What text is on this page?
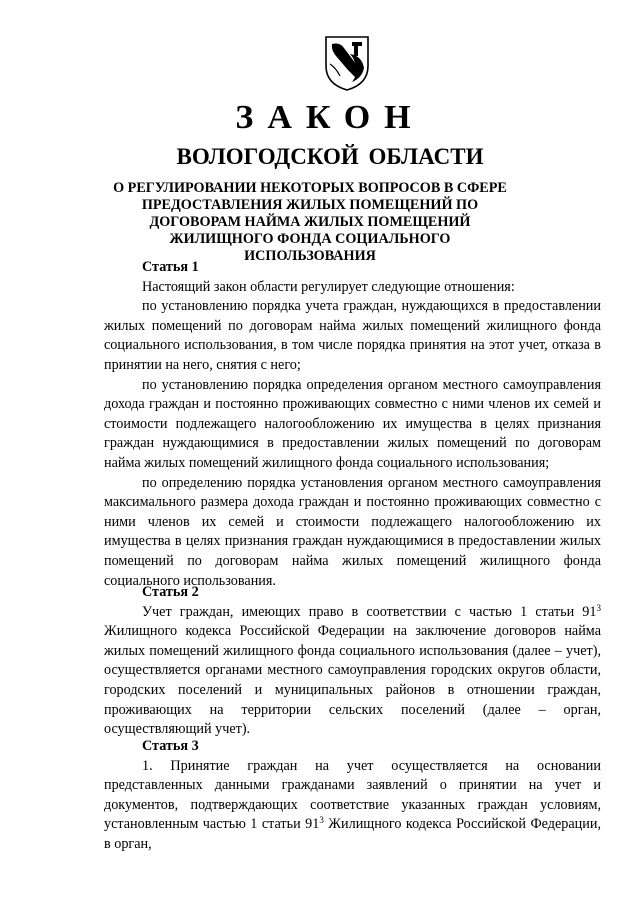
ЗАКОН
ВОЛОГОДСКОЙ ОБЛАСТИ
О РЕГУЛИРОВАНИИ НЕКОТОРЫХ ВОПРОСОВ В СФЕРЕ ПРЕДОСТАВЛЕНИЯ ЖИЛЫХ ПОМЕЩЕНИЙ ПО ДОГОВОРАМ НАЙМА ЖИЛЫХ ПОМЕЩЕНИЙ ЖИЛИЩНОГО ФОНДА СОЦИАЛЬНОГО ИСПОЛЬЗОВАНИЯ
Статья 1

Настоящий закон области регулирует следующие отношения:

по установлению порядка учета граждан, нуждающихся в предоставлении жилых помещений по договорам найма жилых помещений жилищного фонда социального использования, в том числе порядка принятия на этот учет, отказа в принятии на него, снятия с него;

по установлению порядка определения органом местного самоуправления дохода граждан и постоянно проживающих совместно с ними членов их семей и стоимости подлежащего налогообложению их имущества в целях признания граждан нуждающимися в предоставлении жилых помещений по договорам найма жилых помещений жилищного фонда социального использования;

по определению порядка установления органом местного самоуправления максимального размера дохода граждан и постоянно проживающих совместно с ними членов их семей и стоимости подлежащего налогообложению их имущества в целях признания граждан нуждающимися в предоставлении жилых помещений по договорам найма жилых помещений жилищного фонда социального использования.

Статья 2

Учет граждан, имеющих право в соответствии с частью 1 статьи $91^3$ Жилищного кодекса Российской Федерации на заключение договоров найма жилых помещений жилищного фонда социального использования (далее – учет), осуществляется органами местного самоуправления городских округов области, городских поселений и муниципальных районов в отношении граждан, проживающих на территории сельских поселений (далее – орган, осуществляющий учет).

Статья 3

1. Принятие граждан на учет осуществляется на основании представленных данными гражданами заявлений о принятии на учет и документов, подтверждающих соответствие указанных граждан условиям, установленным частью 1 статьи $91^3$ Жилищного кодекса Российской Федерации, в орган,
